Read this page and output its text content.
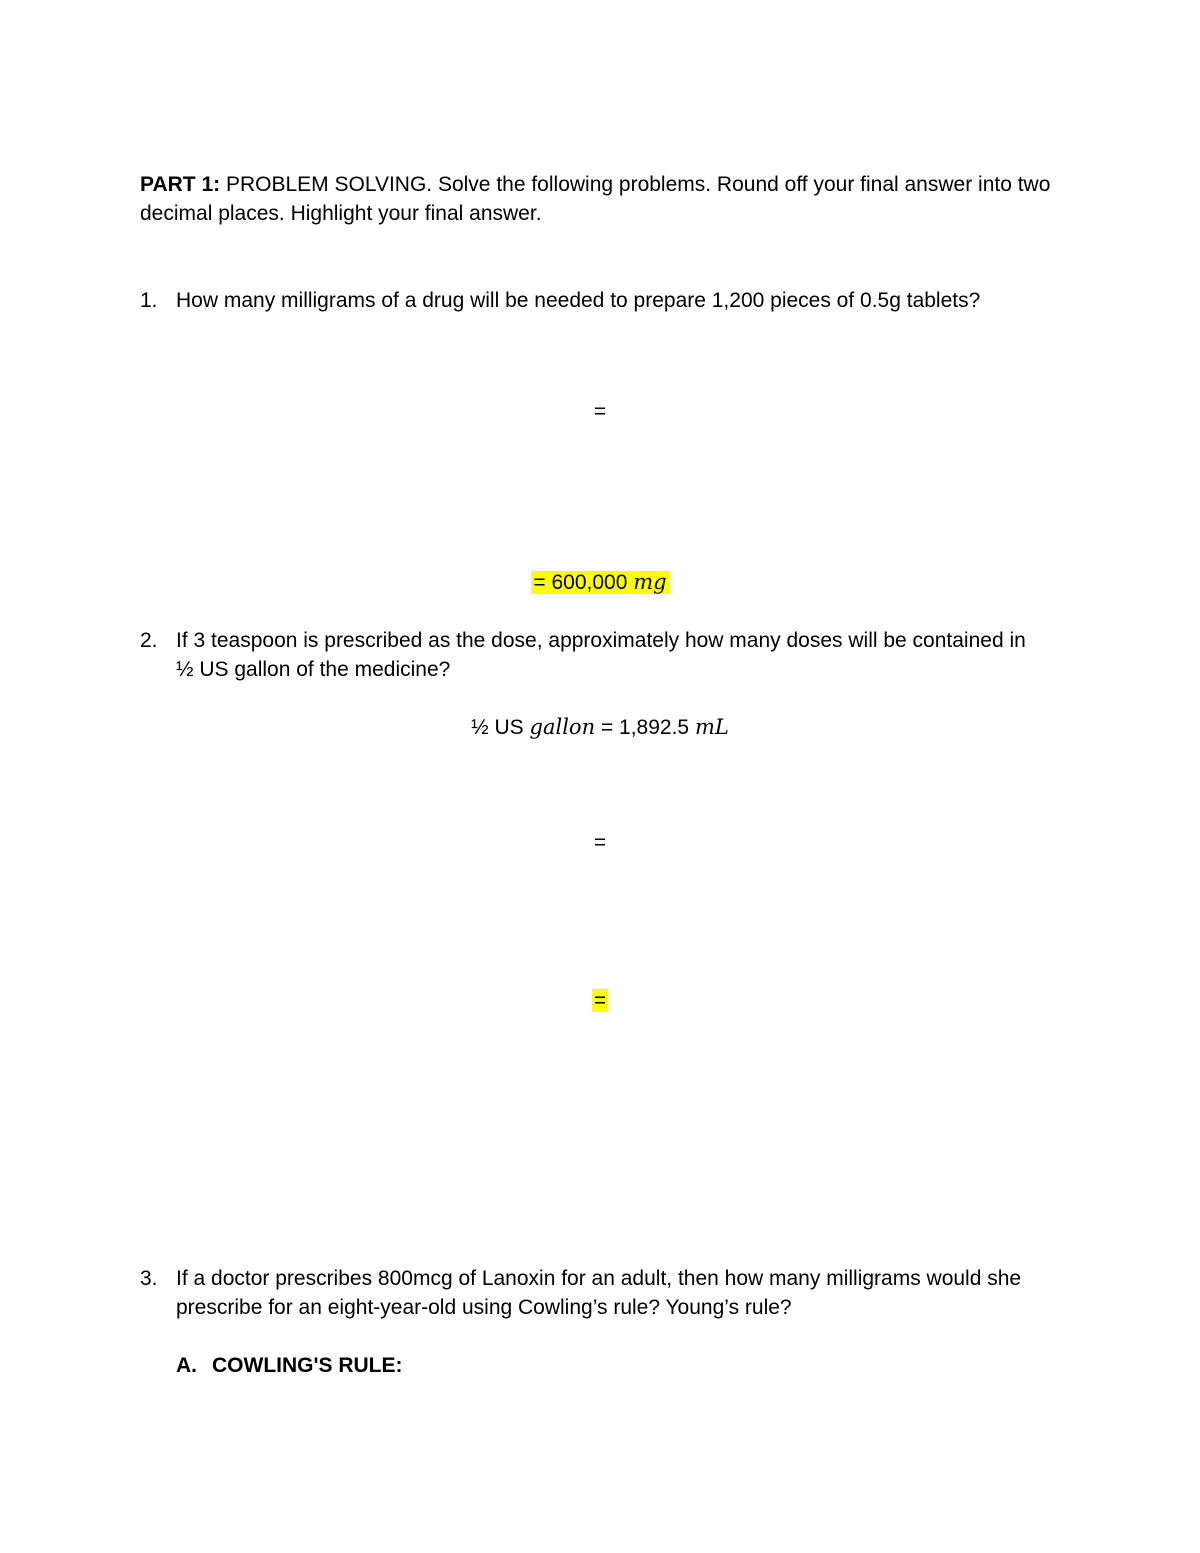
PART 1: PROBLEM SOLVING. Solve the following problems. Round off your final answer into two
decimal places. Highlight your final answer.
1. How many milligrams of a drug will be needed to prepare 1,200 pieces of 0.5g tablets?
=
= 600,000 mg
2. If 3 teaspoon is prescribed as the dose, approximately how many doses will be contained in
½ US gallon of the medicine?
½ US gallon = 1,892.5 mL
=
=
3. If a doctor prescribes 800mcg of Lanoxin for an adult, then how many milligrams would she
prescribe for an eight-year-old using Cowling’s rule? Young’s rule?
A. COWLING'S RULE:
